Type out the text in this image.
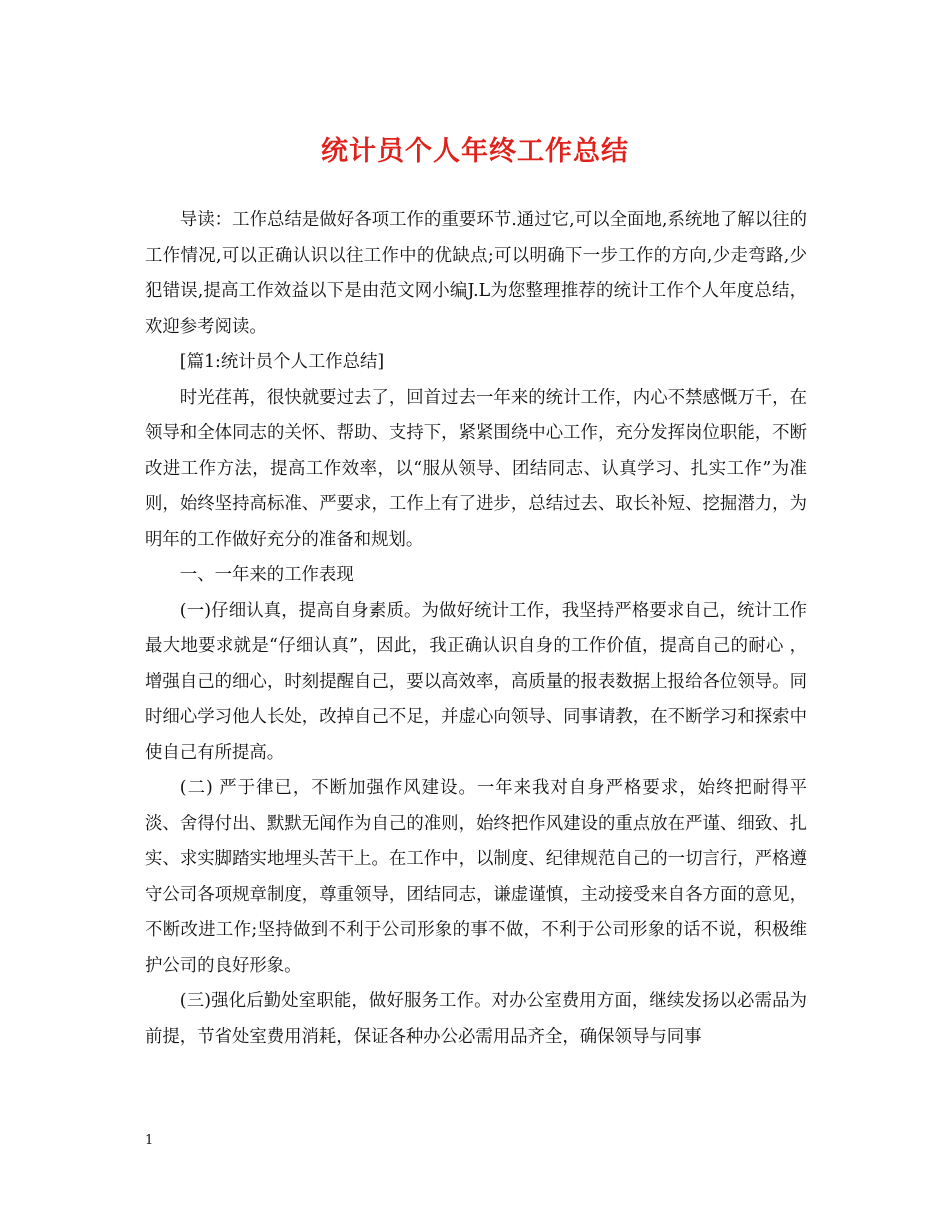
统计员个人年终工作总结

导读：工作总结是做好各项工作的重要环节.通过它,可以全面地,系统地了解以往的工作情况,可以正确认识以往工作中的优缺点;可以明确下一步工作的方向,少走弯路,少犯错误,提高工作效益以下是由范文网小编J.L为您整理推荐的统计工作个人年度总结，欢迎参考阅读。

[篇1:统计员个人工作总结]

时光荏苒，很快就要过去了，回首过去一年来的统计工作，内心不禁感慨万千，在领导和全体同志的关怀、帮助、支持下，紧紧围绕中心工作，充分发挥岗位职能，不断改进工作方法，提高工作效率，以“服从领导、团结同志、认真学习、扎实工作”为准则，始终坚持高标准、严要求，工作上有了进步，总结过去、取长补短、挖掘潜力，为明年的工作做好充分的准备和规划。

一、一年来的工作表现

(一)仔细认真，提高自身素质。为做好统计工作，我坚持严格要求自己，统计工作最大地要求就是“仔细认真”，因此，我正确认识自身的工作价值，提高自己的耐心 ，增强自己的细心，时刻提醒自己，要以高效率，高质量的报表数据上报给各位领导。同时细心学习他人长处，改掉自己不足，并虚心向领导、同事请教，在不断学习和探索中使自己有所提高。

(二) 严于律已，不断加强作风建设。一年来我对自身严格要求，始终把耐得平淡、舍得付出、默默无闻作为自己的准则，始终把作风建设的重点放在严谨、细致、扎实、求实脚踏实地埋头苦干上。在工作中，以制度、纪律规范自己的一切言行，严格遵守公司各项规章制度，尊重领导，团结同志，谦虚谨慎，主动接受来自各方面的意见，不断改进工作;坚持做到不利于公司形象的事不做，不利于公司形象的话不说，积极维护公司的良好形象。

(三)强化后勤处室职能，做好服务工作。对办公室费用方面，继续发扬以必需品为前提，节省处室费用消耗，保证各种办公必需用品齐全，确保领导与同事

1
